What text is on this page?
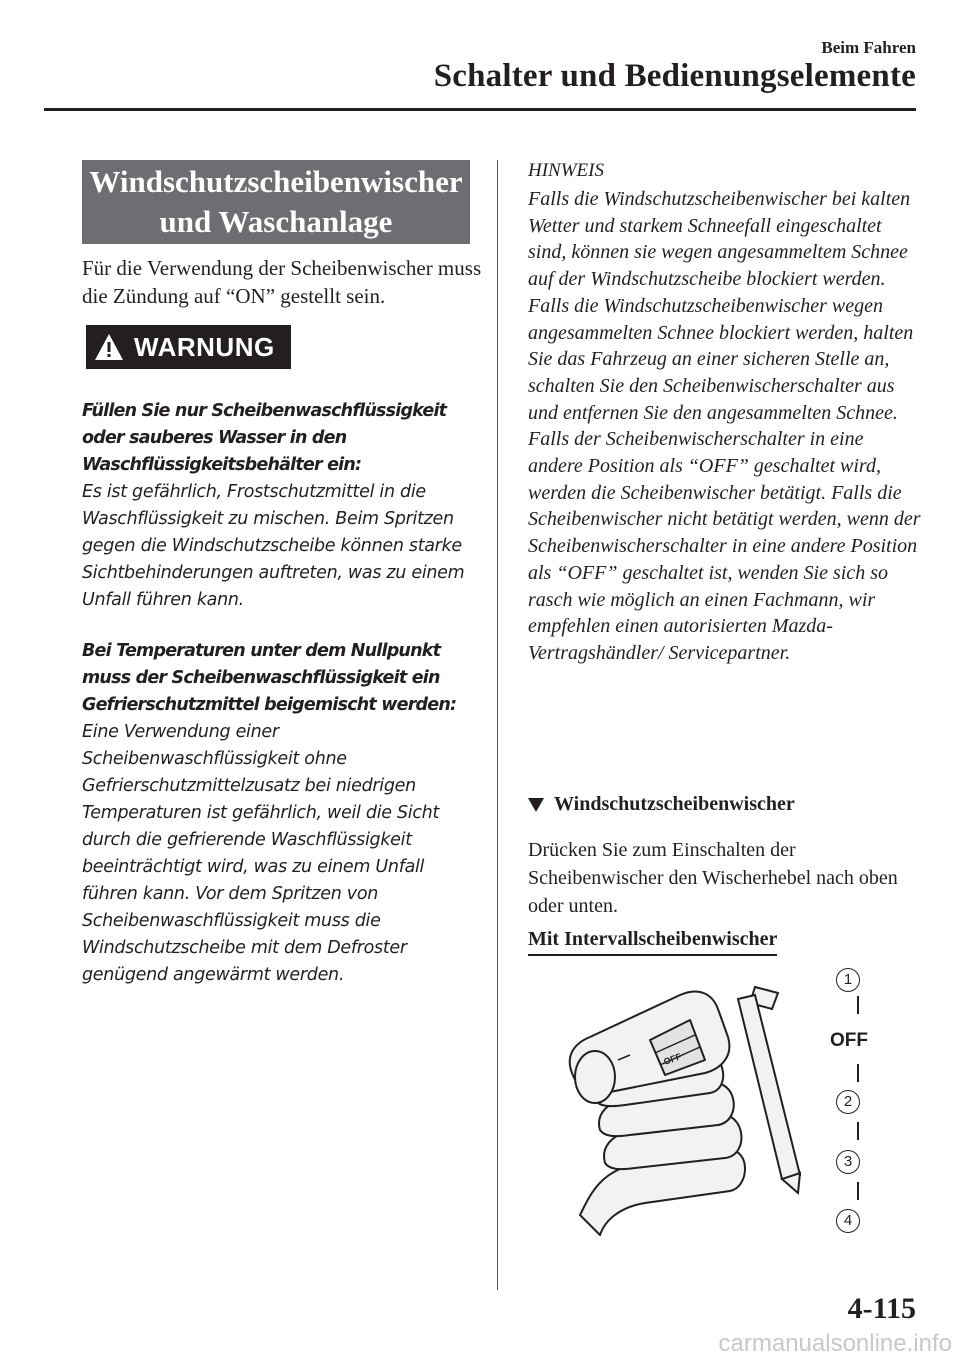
Beim Fahren
Schalter und Bedienungselemente
Windschutzscheibenwischer
und Waschanlage
Für die Verwendung der Scheibenwischer muss die Zündung auf “ON” gestellt sein.
WARNUNG
Füllen Sie nur Scheibenwaschflüssigkeit oder sauberes Wasser in den Waschflüssigkeitsbehälter ein:
Es ist gefährlich, Frostschutzmittel in die Waschflüssigkeit zu mischen. Beim Spritzen gegen die Windschutzscheibe können starke Sichtbehinderungen auftreten, was zu einem Unfall führen kann.
Bei Temperaturen unter dem Nullpunkt muss der Scheibenwaschflüssigkeit ein Gefrierschutzmittel beigemischt werden:
Eine Verwendung einer Scheibenwaschflüssigkeit ohne Gefrierschutzmittelzusatz bei niedrigen Temperaturen ist gefährlich, weil die Sicht durch die gefrierende Waschflüssigkeit beeinträchtigt wird, was zu einem Unfall führen kann. Vor dem Spritzen von Scheibenwaschflüssigkeit muss die Windschutzscheibe mit dem Defroster genügend angewärmt werden.
HINWEIS
Falls die Windschutzscheibenwischer bei kalten Wetter und starkem Schneefall eingeschaltet sind, können sie wegen angesammeltem Schnee auf der Windschutzscheibe blockiert werden. Falls die Windschutzscheibenwischer wegen angesammelten Schnee blockiert werden, halten Sie das Fahrzeug an einer sicheren Stelle an, schalten Sie den Scheibenwischerschalter aus und entfernen Sie den angesammelten Schnee. Falls der Scheibenwischerschalter in eine andere Position als “OFF” geschaltet wird, werden die Scheibenwischer betätigt. Falls die Scheibenwischer nicht betätigt werden, wenn der Scheibenwischerschalter in eine andere Position als “OFF” geschaltet ist, wenden Sie sich so rasch wie möglich an einen Fachmann, wir empfehlen einen autorisierten Mazda-Vertragshändler/ Servicepartner.
Windschutzscheibenwischer
Drücken Sie zum Einschalten der Scheibenwischer den Wischerhebel nach oben oder unten.
Mit Intervallscheibenwischer
OFF
1
OFF
2
3
4
4-115
carmanualsonline.info
